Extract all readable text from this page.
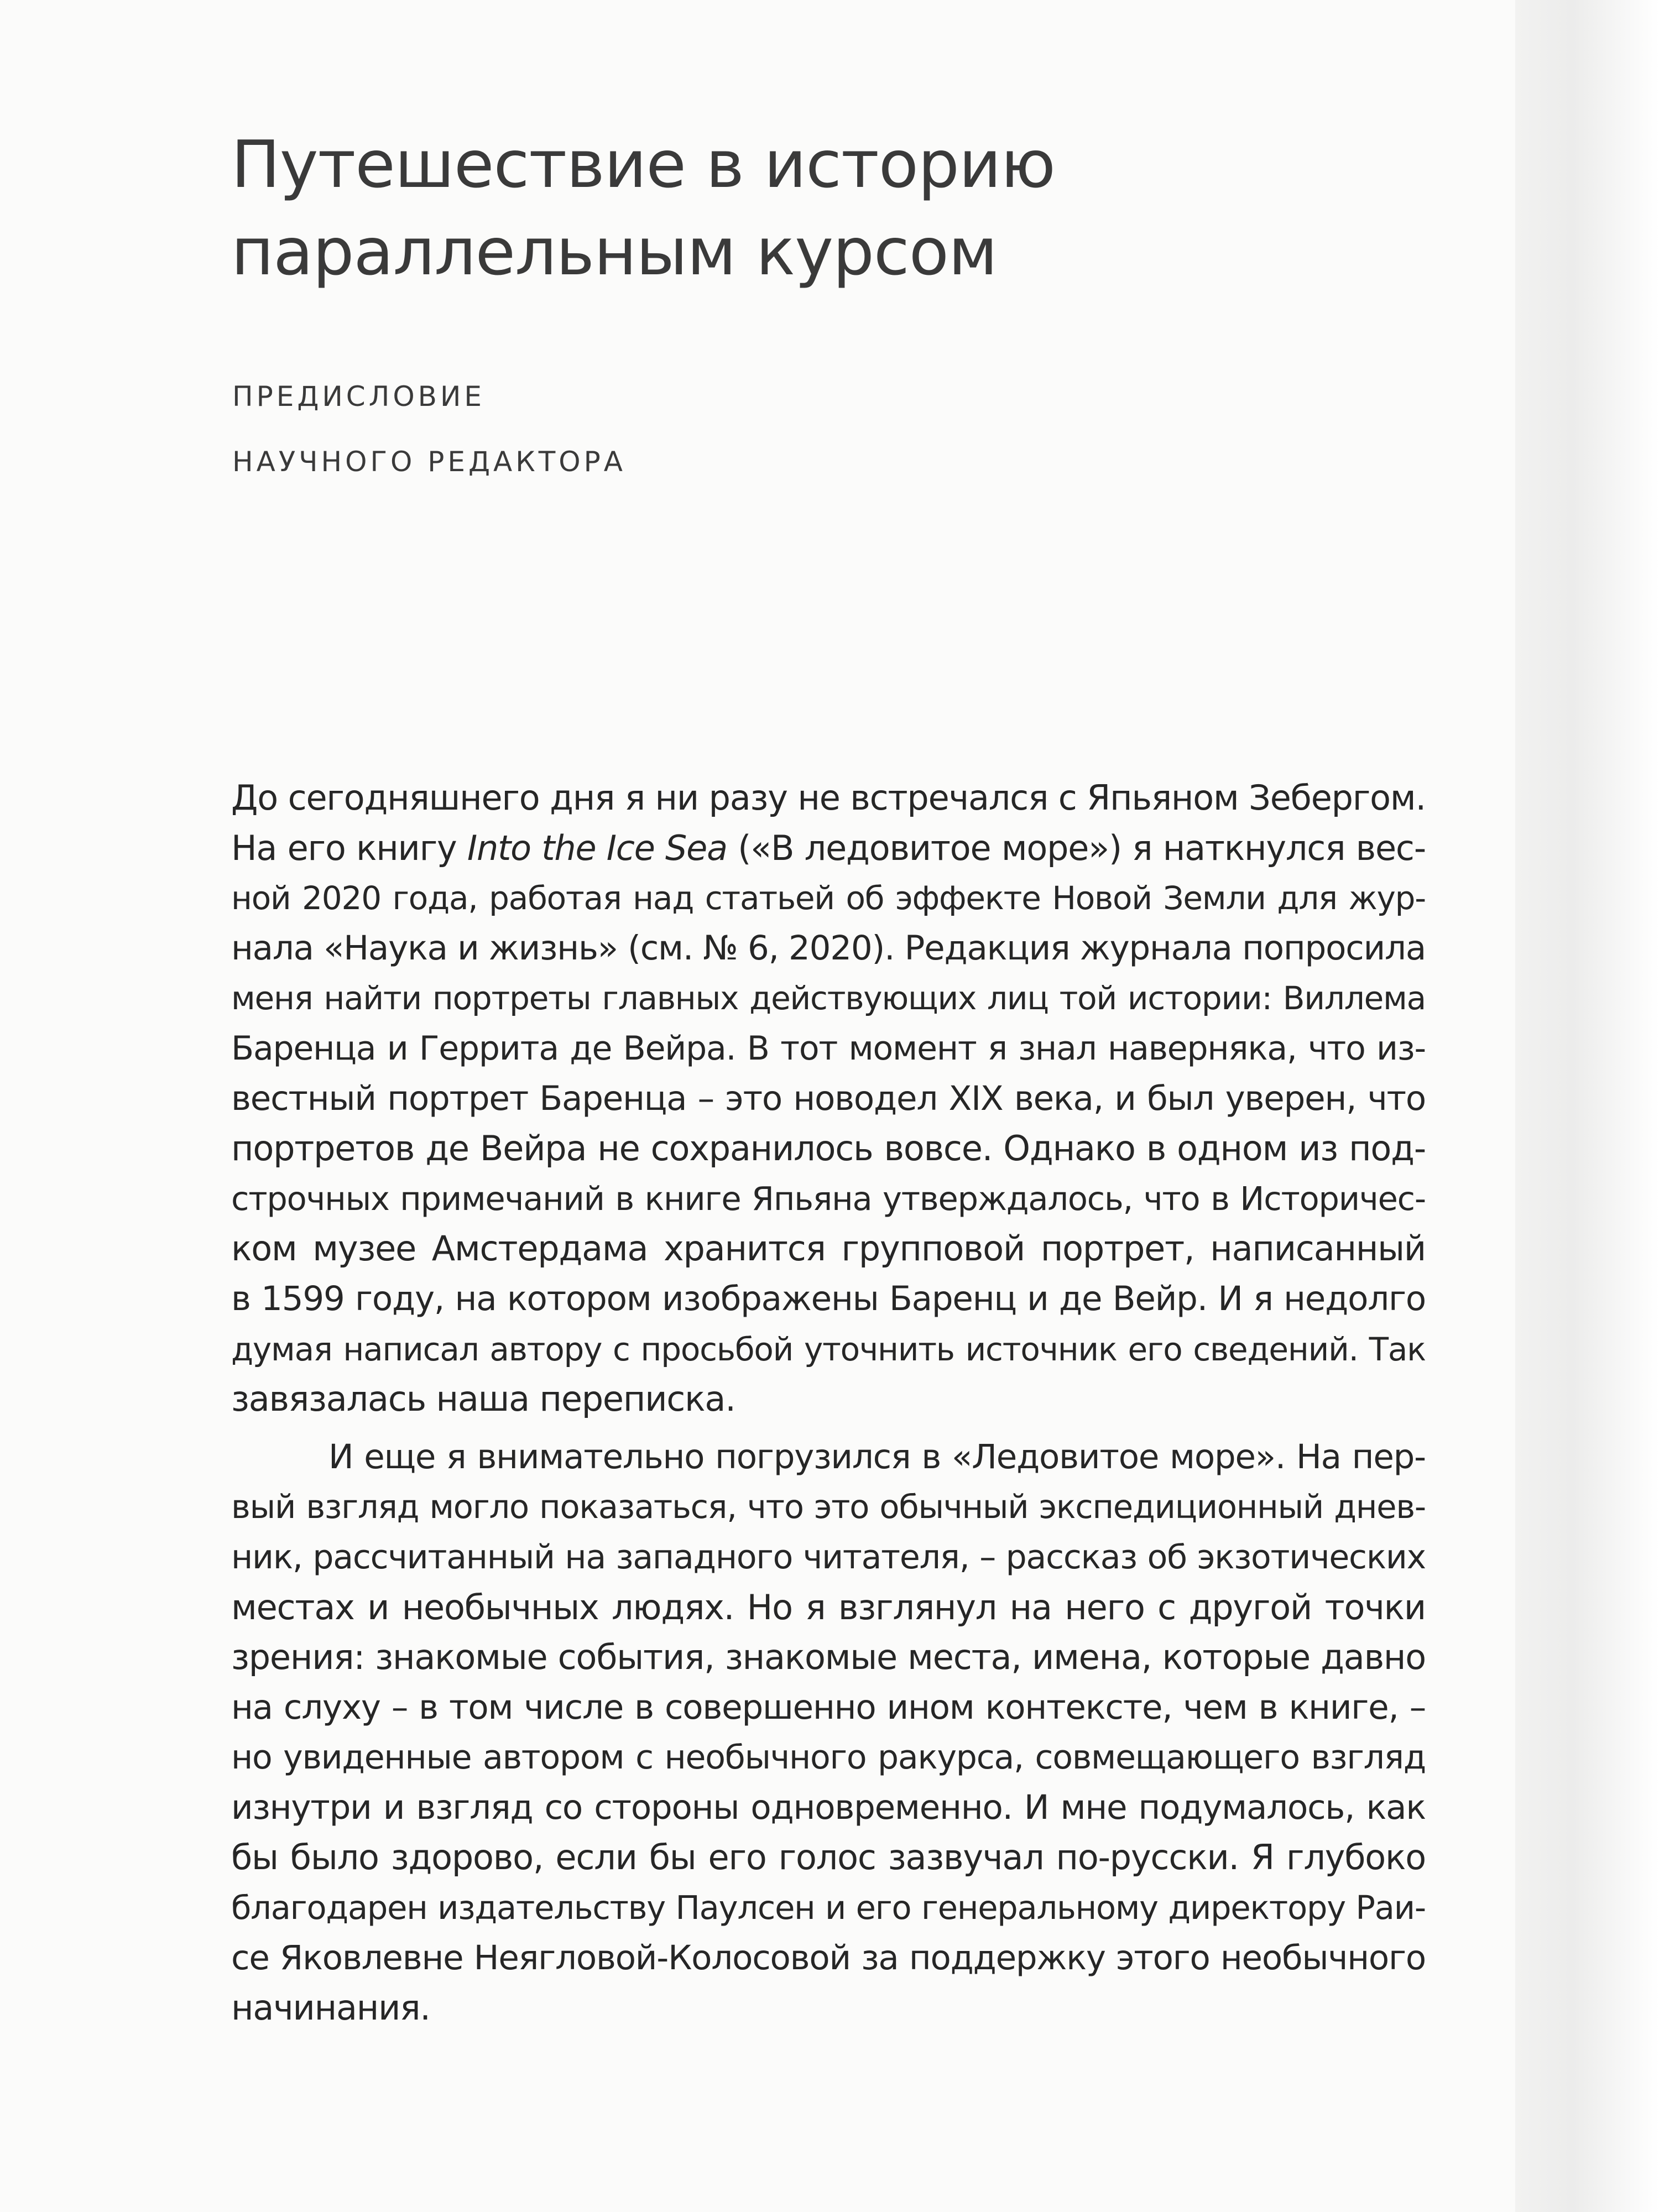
Путешествие в историю
параллельным курсом
ПРЕДИСЛОВИЕ
НАУЧНОГО РЕДАКТОРА
До сегодняшнего дня я ни разу не встречался с Япьяном Зебергом.
На его книгу Into the Ice Sea («В ледовитое море») я наткнулся вес-
ной 2020 года, работая над статьей об эффекте Новой Земли для жур-
нала «Наука и жизнь» (см. № 6, 2020). Редакция журнала попросила
меня найти портреты главных действующих лиц той истории: Виллема
Баренца и Геррита де Вейра. В тот момент я знал наверняка, что из-
вестный портрет Баренца – это новодел XIX века, и был уверен, что
портретов де Вейра не сохранилось вовсе. Однако в одном из под-
строчных примечаний в книге Япьяна утверждалось, что в Историчес-
ком музее Амстердама хранится групповой портрет, написанный
в 1599 году, на котором изображены Баренц и де Вейр. И я недолго
думая написал автору с просьбой уточнить источник его сведений. Так
завязалась наша переписка.
И еще я внимательно погрузился в «Ледовитое море». На пер-
вый взгляд могло показаться, что это обычный экспедиционный днев-
ник, рассчитанный на западного читателя, – рассказ об экзотических
местах и необычных людях. Но я взглянул на него с другой точки
зрения: знакомые события, знакомые места, имена, которые давно
на слуху – в том числе в совершенно ином контексте, чем в книге, –
но увиденные автором с необычного ракурса, совмещающего взгляд
изнутри и взгляд со стороны одновременно. И мне подумалось, как
бы было здорово, если бы его голос зазвучал по-русски. Я глубоко
благодарен издательству Паулсен и его генеральному директору Раи-
се Яковлевне Неягловой-Колосовой за поддержку этого необычного
начинания.
